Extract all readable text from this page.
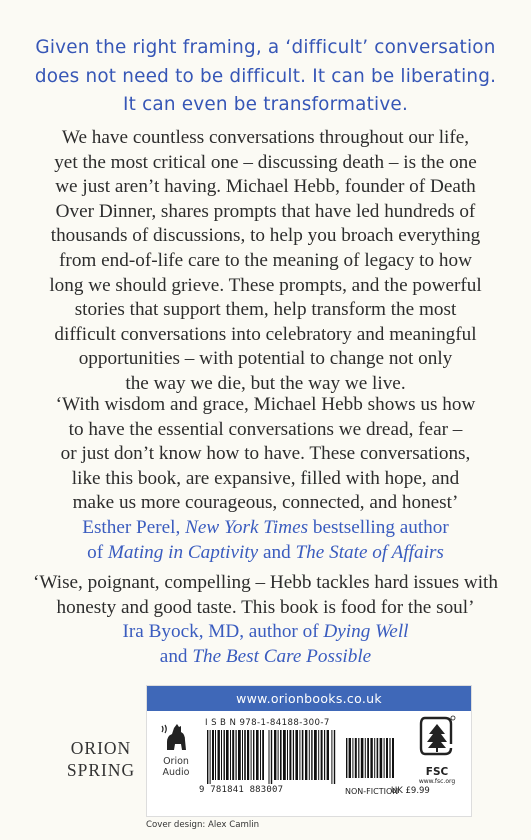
Given the right framing, a ‘difficult’ conversation
does not need to be difficult. It can be liberating.
It can even be transformative.
We have countless conversations throughout our life,
yet the most critical one – discussing death – is the one
we just aren’t having. Michael Hebb, founder of Death
Over Dinner, shares prompts that have led hundreds of
thousands of discussions, to help you broach everything
from end-of-life care to the meaning of legacy to how
long we should grieve. These prompts, and the powerful
stories that support them, help transform the most
difficult conversations into celebratory and meaningful
opportunities – with potential to change not only
the way we die, but the way we live.
‘With wisdom and grace, Michael Hebb shows us how
to have the essential conversations we dread, fear –
or just don’t know how to have. These conversations,
like this book, are expansive, filled with hope, and
make us more courageous, connected, and honest’
Esther Perel, New York Times bestselling author
of Mating in Captivity and The State of Affairs
‘Wise, poignant, compelling – Hebb tackles hard issues with
honesty and good taste. This book is food for the soul’
Ira Byock, MD, author of Dying Well
and The Best Care Possible
ORION
SPRING
www.orionbooks.co.uk
Orion
Audio
I S B N 978-1-84188-300-7
9 781841 883007	NON-FICTION
UK £9.99
FSC
www.fsc.org
Cover design: Alex Camlin
